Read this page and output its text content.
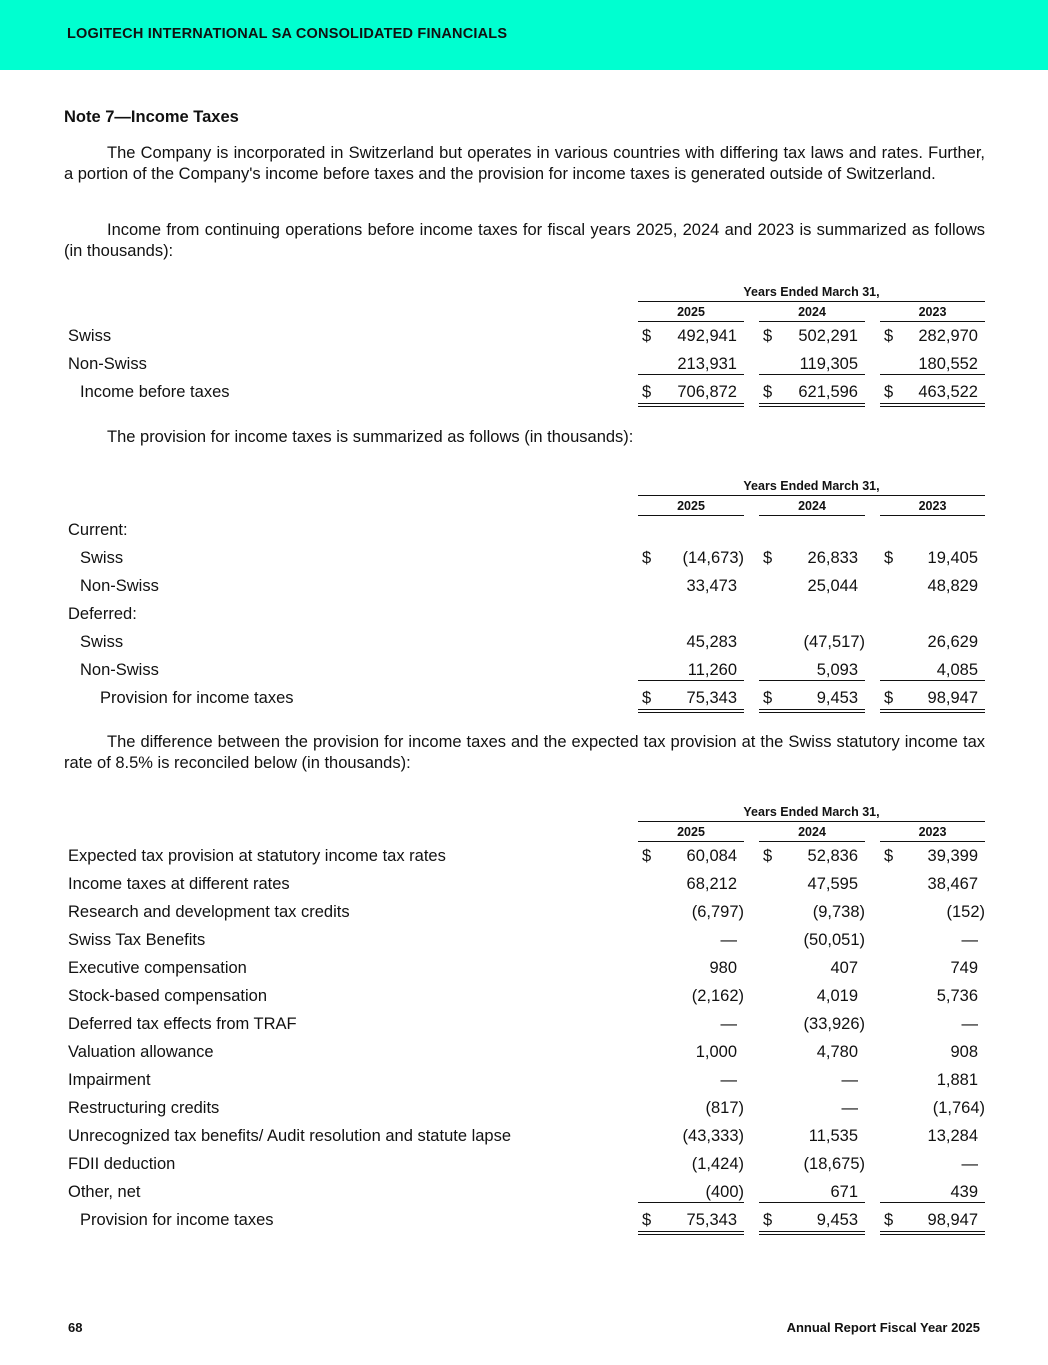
LOGITECH INTERNATIONAL SA CONSOLIDATED FINANCIALS
Note 7—Income Taxes

The Company is incorporated in Switzerland but operates in various countries with differing tax laws and rates. Further, a portion of the Company's income before taxes and the provision for income taxes is generated outside of Switzerland.

Income from continuing operations before income taxes for fiscal years 2025, 2024 and 2023 is summarized as follows (in thousands):

Years Ended March 31,
2025	2024	2023
Swiss	$ 492,941 $ 502,291 $ 282,970
Non-Swiss	213,931	119,305	180,552
Income before taxes	$ 706,872 $ 621,596 $ 463,522

The provision for income taxes is summarized as follows (in thousands):

Years Ended March 31,
2025	2024	2023
Current:
Swiss	$ (14,673) $ 26,833 $ 19,405
Non-Swiss	33,473	25,044	48,829
Deferred:
Swiss	45,283	(47,517)	26,629
Non-Swiss	11,260	5,093	4,085
Provision for income taxes	$ 75,343 $	9,453 $ 98,947

The difference between the provision for income taxes and the expected tax provision at the Swiss statutory income tax rate of 8.5% is reconciled below (in thousands):

Years Ended March 31,
2025	2024	2023
Expected tax provision at statutory income tax rates	$ 60,084 $ 52,836 $ 39,399
Income taxes at different rates	68,212	47,595	38,467
Research and development tax credits	(6,797)	(9,738)	(152)
Swiss Tax Benefits	—	(50,051)	—
Executive compensation	980	407	749
Stock-based compensation	(2,162)	4,019	5,736
Deferred tax effects from TRAF	—	(33,926)	—
Valuation allowance	1,000	4,780	908
Impairment	—	—	1,881
Restructuring credits	(817)	—	(1,764)
Unrecognized tax benefits/ Audit resolution and statute lapse	(43,333)	11,535	13,284
FDII deduction	(1,424)	(18,675)	—
Other, net	(400)	671	439
Provision for income taxes	$ 75,343 $	9,453 $ 98,947
68	Annual Report Fiscal Year 2025
